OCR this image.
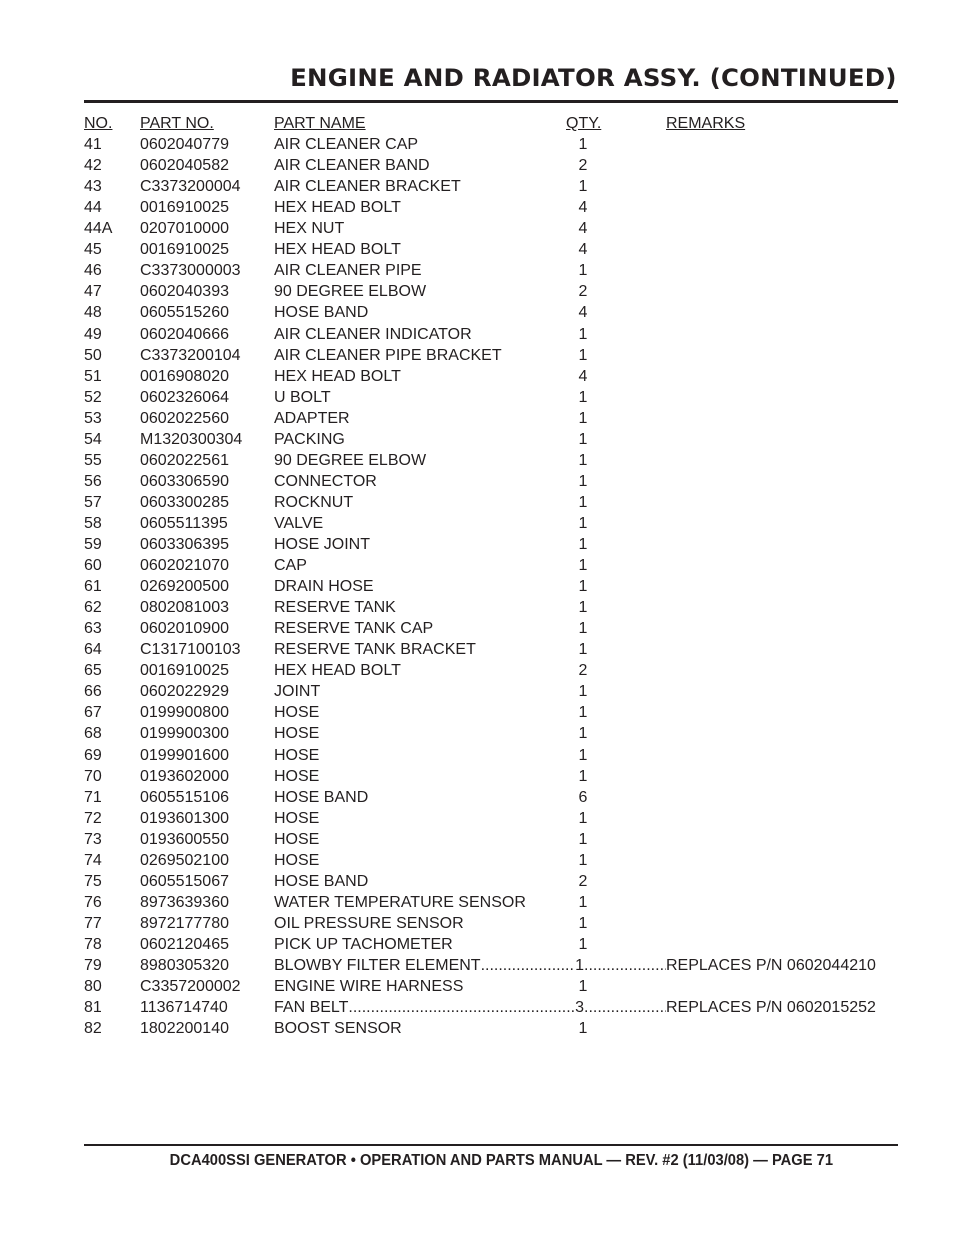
ENGINE AND RADIATOR ASSY. (CONTINUED)
NO. PART NO.	PART NAME	QTY.	REMARKS
41 0602040779	AIR CLEANER CAP	1
42 0602040582	AIR CLEANER BAND	2
43 C3373200004 AIR CLEANER BRACKET	1
44 0016910025	HEX HEAD BOLT	4
44A 0207010000	HEX NUT	4
45 0016910025	HEX HEAD BOLT	4
46 C3373000003 AIR CLEANER PIPE	1
47 0602040393	90 DEGREE ELBOW	2
48 0605515260	HOSE BAND	4
49 0602040666	AIR CLEANER INDICATOR	1
50 C3373200104 AIR CLEANER PIPE BRACKET	1
51 0016908020	HEX HEAD BOLT	4
52 0602326064	U BOLT	1
53 0602022560	ADAPTER	1
54 M1320300304 PACKING	1
55 0602022561	90 DEGREE ELBOW	1
56 0603306590	CONNECTOR	1
57 0603300285	ROCKNUT	1
58 0605511395	VALVE	1
59 0603306395	HOSE JOINT	1
60 0602021070	CAP	1
61 0269200500	DRAIN HOSE	1
62 0802081003	RESERVE TANK	1
63 0602010900	RESERVE TANK CAP	1
64 C1317100103 RESERVE TANK BRACKET	1
65 0016910025	HEX HEAD BOLT	2
66 0602022929	JOINT	1
67 0199900800	HOSE	1
68 0199900300	HOSE	1
69 0199901600	HOSE	1
70 0193602000	HOSE	1
71 0605515106	HOSE BAND	6
72 0193601300	HOSE	1
73 0193600550	HOSE	1
74 0269502100	HOSE	1
75 0605515067	HOSE BAND	2
76 8973639360	WATER TEMPERATURE SENSOR	1
77 8972177780	OIL PRESSURE SENSOR	1
78 0602120465	PICK UP TACHOMETER	1
79 8980305320	BLOWBY FILTER ELEMENT .....	1 .....	REPLACES P/N 0602044210
80 C3357200002 ENGINE WIRE HARNESS	1
81 1136714740	FAN BELT .....	3 .....	REPLACES P/N 0602015252
82 1802200140	BOOST SENSOR	1
DCA400SSI GENERATOR • OPERATION AND PARTS MANUAL — REV. #2 (11/03/08) — PAGE 71
